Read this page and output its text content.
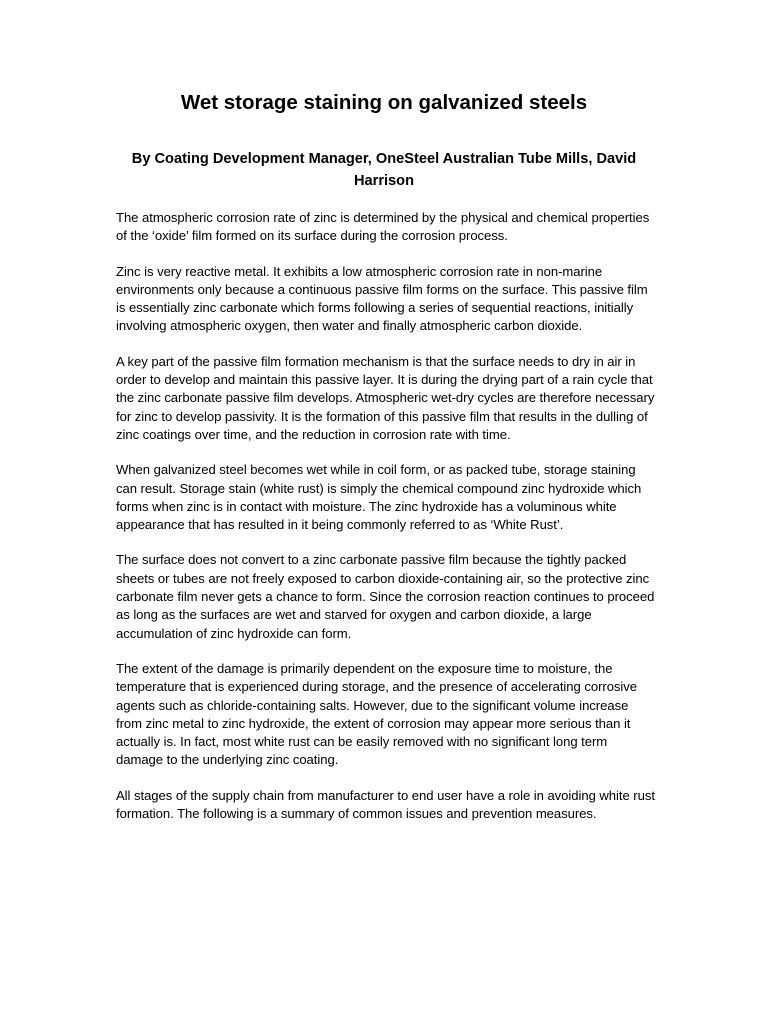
Wet storage staining on galvanized steels

By Coating Development Manager, OneSteel Australian Tube Mills, David Harrison

The atmospheric corrosion rate of zinc is determined by the physical and chemical properties of the ‘oxide’ film formed on its surface during the corrosion process.

Zinc is very reactive metal. It exhibits a low atmospheric corrosion rate in non-marine environments only because a continuous passive film forms on the surface. This passive film is essentially zinc carbonate which forms following a series of sequential reactions, initially involving atmospheric oxygen, then water and finally atmospheric carbon dioxide.

A key part of the passive film formation mechanism is that the surface needs to dry in air in order to develop and maintain this passive layer. It is during the drying part of a rain cycle that the zinc carbonate passive film develops. Atmospheric wet-dry cycles are therefore necessary for zinc to develop passivity. It is the formation of this passive film that results in the dulling of zinc coatings over time, and the reduction in corrosion rate with time.

When galvanized steel becomes wet while in coil form, or as packed tube, storage staining can result. Storage stain (white rust) is simply the chemical compound zinc hydroxide which forms when zinc is in contact with moisture. The zinc hydroxide has a voluminous white appearance that has resulted in it being commonly referred to as ‘White Rust’.

The surface does not convert to a zinc carbonate passive film because the tightly packed sheets or tubes are not freely exposed to carbon dioxide-containing air, so the protective zinc carbonate film never gets a chance to form. Since the corrosion reaction continues to proceed as long as the surfaces are wet and starved for oxygen and carbon dioxide, a large accumulation of zinc hydroxide can form.

The extent of the damage is primarily dependent on the exposure time to moisture, the temperature that is experienced during storage, and the presence of accelerating corrosive agents such as chloride-containing salts. However, due to the significant volume increase from zinc metal to zinc hydroxide, the extent of corrosion may appear more serious than it actually is. In fact, most white rust can be easily removed with no significant long term damage to the underlying zinc coating.

All stages of the supply chain from manufacturer to end user have a role in avoiding white rust formation. The following is a summary of common issues and prevention measures.
